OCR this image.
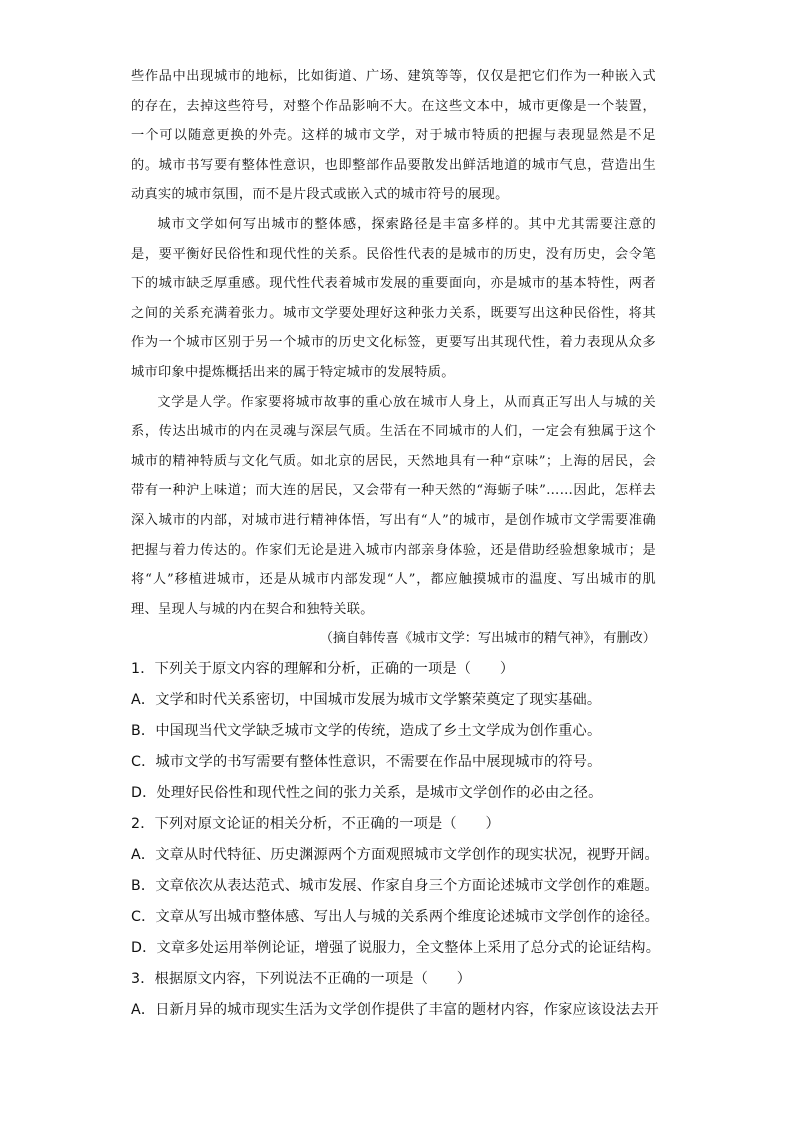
些作品中出现城市的地标，比如街道、广场、建筑等等，仅仅是把它们作为一种嵌入式的存在，去掉这些符号，对整个作品影响不大。在这些文本中，城市更像是一个装置，一个可以随意更换的外壳。这样的城市文学，对于城市特质的把握与表现显然是不足的。城市书写要有整体性意识，也即整部作品要散发出鲜活地道的城市气息，营造出生动真实的城市氛围，而不是片段式或嵌入式的城市符号的展现。

城市文学如何写出城市的整体感，探索路径是丰富多样的。其中尤其需要注意的是，要平衡好民俗性和现代性的关系。民俗性代表的是城市的历史，没有历史，会令笔下的城市缺乏厚重感。现代性代表着城市发展的重要面向，亦是城市的基本特性，两者之间的关系充满着张力。城市文学要处理好这种张力关系，既要写出这种民俗性，将其作为一个城市区别于另一个城市的历史文化标签，更要写出其现代性，着力表现从众多城市印象中提炼概括出来的属于特定城市的发展特质。

文学是人学。作家要将城市故事的重心放在城市人身上，从而真正写出人与城的关系，传达出城市的内在灵魂与深层气质。生活在不同城市的人们，一定会有独属于这个城市的精神特质与文化气质。如北京的居民，天然地具有一种“京味”；上海的居民，会带有一种沪上味道；而大连的居民，又会带有一种天然的“海蛎子味”……因此，怎样去深入城市的内部，对城市进行精神体悟，写出有“人”的城市，是创作城市文学需要准确把握与着力传达的。作家们无论是进入城市内部亲身体验，还是借助经验想象城市；是将“人”移植进城市，还是从城市内部发现“人”，都应触摸城市的温度、写出城市的肌理、呈现人与城的内在契合和独特关联。

（摘自韩传喜《城市文学：写出城市的精气神》，有删改）

1．下列关于原文内容的理解和分析，正确的一项是（　　）

A．文学和时代关系密切，中国城市发展为城市文学繁荣奠定了现实基础。

B．中国现当代文学缺乏城市文学的传统，造成了乡土文学成为创作重心。

C．城市文学的书写需要有整体性意识，不需要在作品中展现城市的符号。

D．处理好民俗性和现代性之间的张力关系，是城市文学创作的必由之径。

2．下列对原文论证的相关分析，不正确的一项是（　　）

A．文章从时代特征、历史渊源两个方面观照城市文学创作的现实状况，视野开阔。

B．文章依次从表达范式、城市发展、作家自身三个方面论述城市文学创作的难题。

C．文章从写出城市整体感、写出人与城的关系两个维度论述城市文学创作的途径。

D．文章多处运用举例论证，增强了说服力，全文整体上采用了总分式的论证结构。

3．根据原文内容，下列说法不正确的一项是（　　）

A．日新月异的城市现实生活为文学创作提供了丰富的题材内容，作家应该设法去开
